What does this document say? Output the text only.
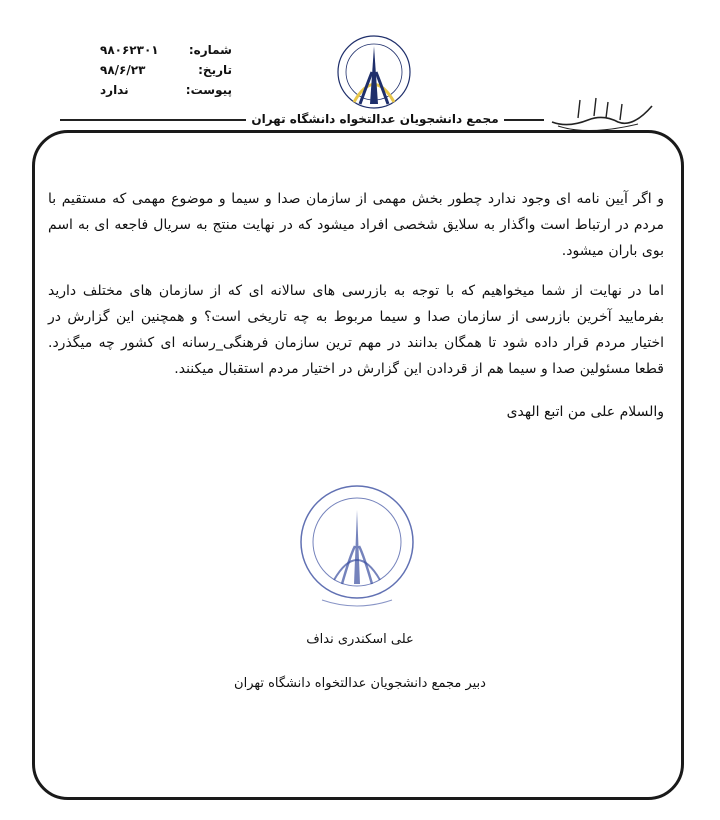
شماره:
۹۸۰۶۲۳۰۱
تاریخ:
۹۸/۶/۲۳
پیوست:
ندارد
مجمع دانشجویان عدالتخواه دانشگاه تهران

و اگر آیین نامه ای وجود ندارد چطور بخش مهمی از سازمان صدا و سیما و موضوع مهمی که مستقیم با مردم در ارتباط است واگذار به سلایق شخصی افراد میشود که در نهایت منتج به سریال فاجعه ای به اسم بوی باران میشود.

اما در نهایت از شما میخواهیم که با توجه به بازرسی های سالانه ای که از سازمان های مختلف دارید بفرمایید آخرین بازرسی از سازمان صدا و سیما مربوط به چه تاریخی است؟ و همچنین این گزارش در اختیار مردم قرار داده شود تا همگان بدانند در مهم ترین سازمان فرهنگی_رسانه ای کشور چه میگذرد. قطعا مسئولین صدا و سیما هم از قردادن این گزارش در اختیار مردم استقبال میکنند.

والسلام علی من اتبع الهدی
علی اسکندری نداف
دبیر مجمع دانشجویان عدالتخواه دانشگاه تهران
